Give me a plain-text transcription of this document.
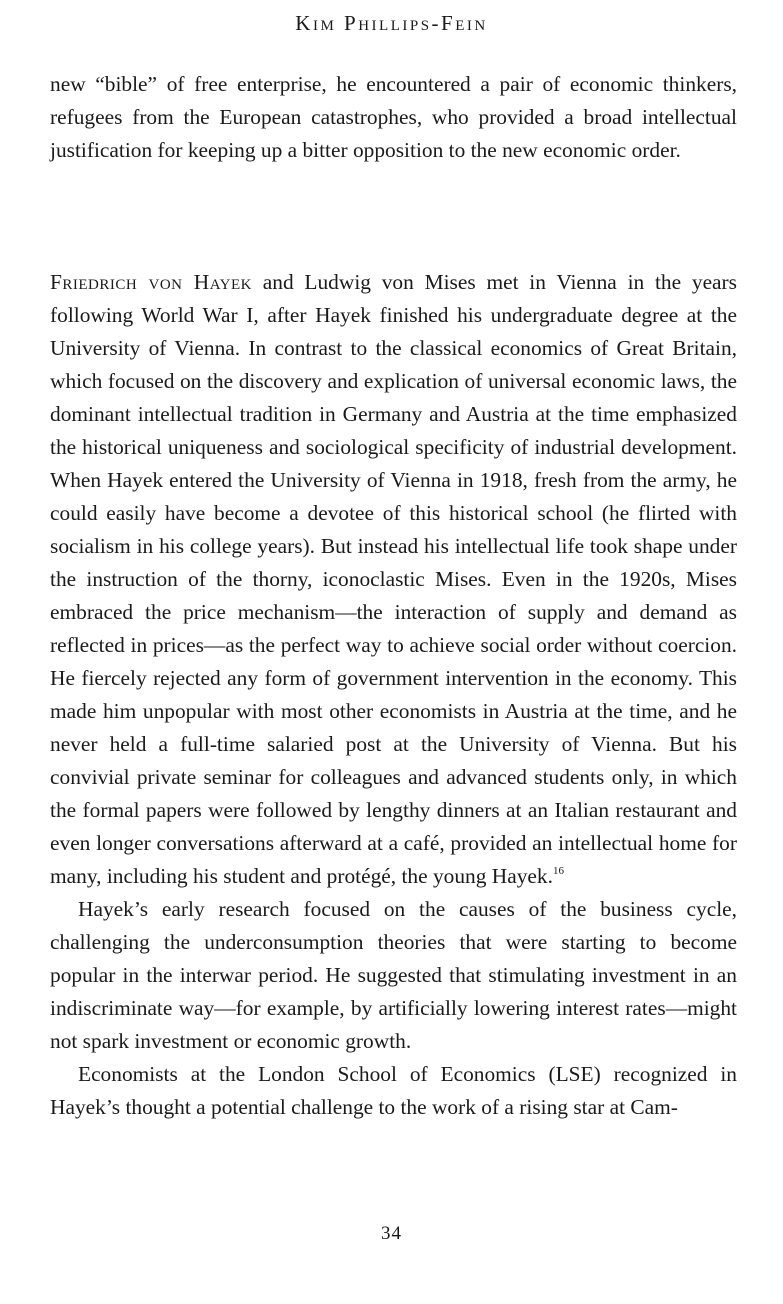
Kim Phillips-Fein

new “bible” of free enterprise, he encountered a pair of economic thinkers, refugees from the European catastrophes, who provided a broad intellectual justification for keeping up a bitter opposition to the new economic order.

Friedrich von Hayek and Ludwig von Mises met in Vienna in the years following World War I, after Hayek finished his undergraduate degree at the University of Vienna. In contrast to the classical economics of Great Britain, which focused on the discovery and explication of universal economic laws, the dominant intellectual tradition in Germany and Austria at the time emphasized the historical uniqueness and sociological specificity of industrial development. When Hayek entered the University of Vienna in 1918, fresh from the army, he could easily have become a devotee of this historical school (he flirted with socialism in his college years). But instead his intellectual life took shape under the instruction of the thorny, iconoclastic Mises. Even in the 1920s, Mises embraced the price mechanism—the interaction of supply and demand as reflected in prices—as the perfect way to achieve social order without coercion. He fiercely rejected any form of government intervention in the economy. This made him unpopular with most other economists in Austria at the time, and he never held a full-time salaried post at the University of Vienna. But his convivial private seminar for colleagues and advanced students only, in which the formal papers were followed by lengthy dinners at an Italian restaurant and even longer conversations afterward at a café, provided an intellectual home for many, including his student and protégé, the young Hayek.$^{16}$

Hayek’s early research focused on the causes of the business cycle, challenging the underconsumption theories that were starting to become popular in the interwar period. He suggested that stimulating investment in an indiscriminate way—for example, by artificially lowering interest rates—might not spark investment or economic growth.

Economists at the London School of Economics (LSE) recognized in Hayek’s thought a potential challenge to the work of a rising star at Cam-

34
